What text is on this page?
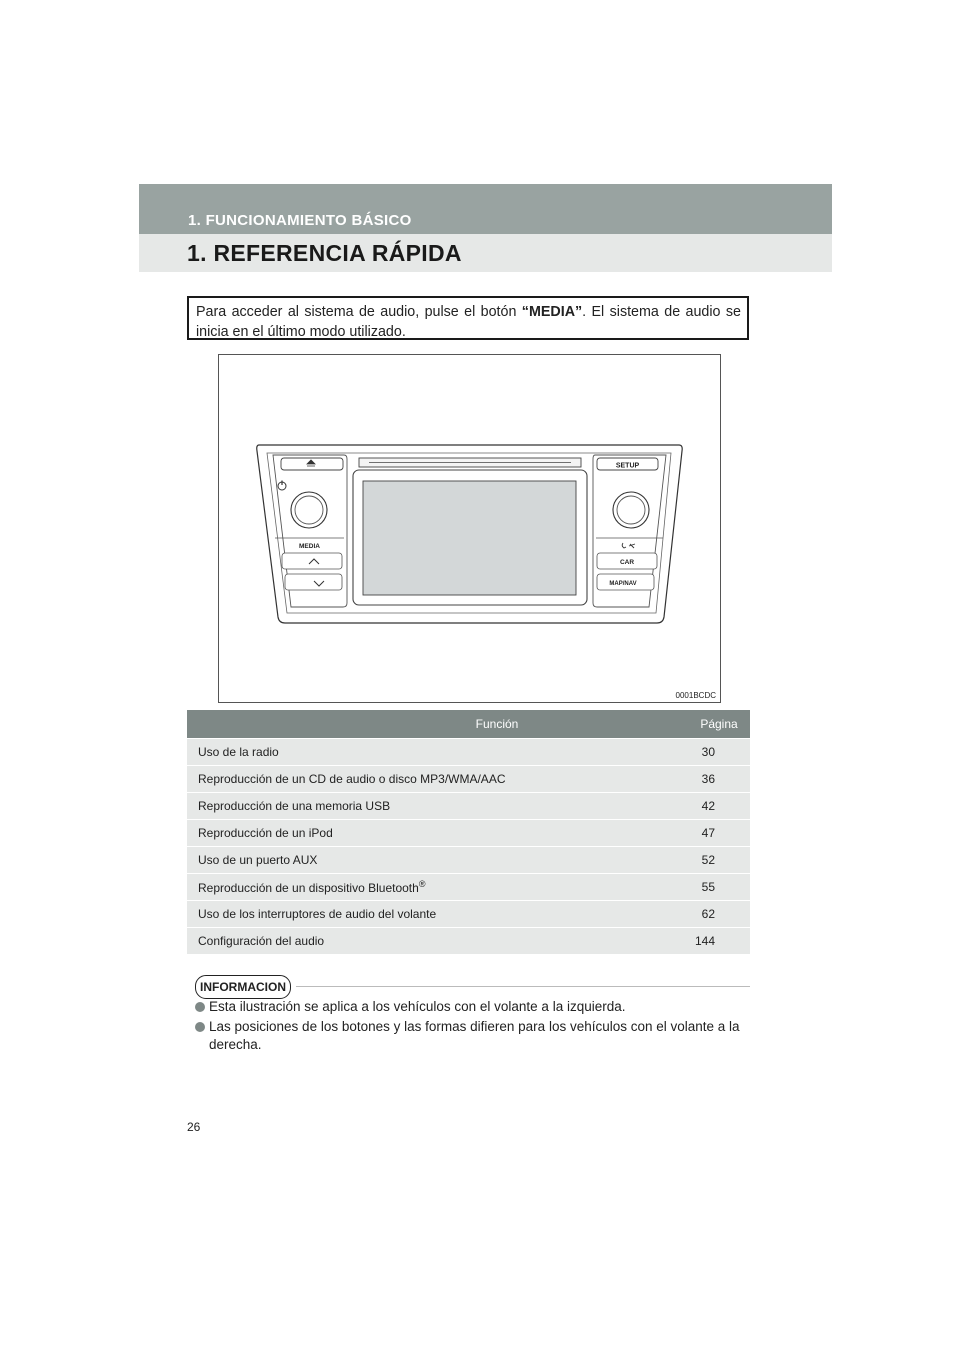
1. FUNCIONAMIENTO BÁSICO
1. REFERENCIA RÁPIDA
Para acceder al sistema de audio, pulse el botón “MEDIA”. El sistema de audio se inicia en el último modo utilizado.
SETUP
MEDIA
CAR
MAP/NAV
0001BCDC
Función	Página
Uso de la radio	30
Reproducción de un CD de audio o disco MP3/WMA/AAC	36
Reproducción de una memoria USB	42
Reproducción de un iPod	47
Uso de un puerto AUX	52
Reproducción de un dispositivo Bluetooth®	55
Uso de los interruptores de audio del volante	62
Configuración del audio	144
INFORMACION
Esta ilustración se aplica a los vehículos con el volante a la izquierda.
Las posiciones de los botones y las formas difieren para los vehículos con el volante a la derecha.
26
